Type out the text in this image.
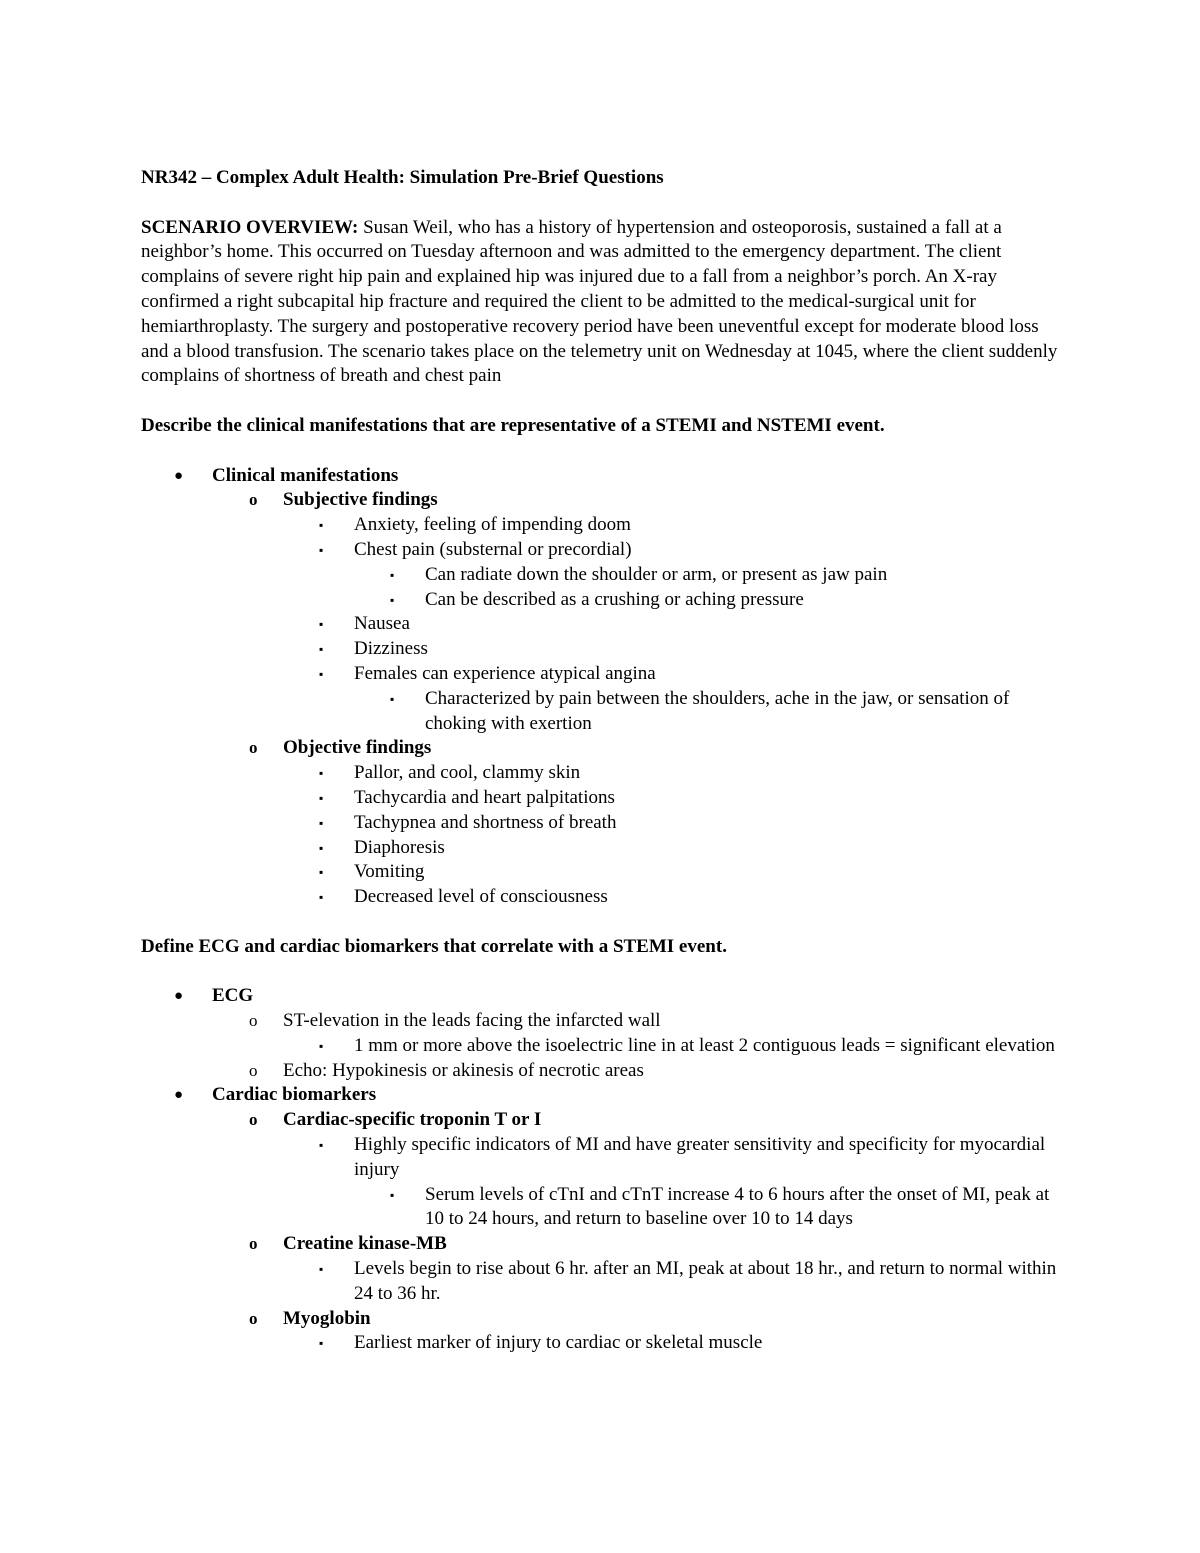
NR342 – Complex Adult Health: Simulation Pre-Brief Questions

SCENARIO OVERVIEW: Susan Weil, who has a history of hypertension and osteoporosis, sustained a fall at a neighbor’s home. This occurred on Tuesday afternoon and was admitted to the emergency department. The client complains of severe right hip pain and explained hip was injured due to a fall from a neighbor’s porch. An X-ray confirmed a right subcapital hip fracture and required the client to be admitted to the medical-surgical unit for hemiarthroplasty. The surgery and postoperative recovery period have been uneventful except for moderate blood loss and a blood transfusion. The scenario takes place on the telemetry unit on Wednesday at 1045, where the client suddenly complains of shortness of breath and chest pain

Describe the clinical manifestations that are representative of a STEMI and NSTEMI event.

● Clinical manifestations
o Subjective findings
▪ Anxiety, feeling of impending doom
▪ Chest pain (substernal or precordial)
▪ Can radiate down the shoulder or arm, or present as jaw pain
▪ Can be described as a crushing or aching pressure
▪ Nausea
▪ Dizziness
▪ Females can experience atypical angina
▪ Characterized by pain between the shoulders, ache in the jaw, or sensation of choking with exertion
o Objective findings
▪ Pallor, and cool, clammy skin
▪ Tachycardia and heart palpitations
▪ Tachypnea and shortness of breath
▪ Diaphoresis
▪ Vomiting
▪ Decreased level of consciousness

Define ECG and cardiac biomarkers that correlate with a STEMI event.

● ECG
o ST-elevation in the leads facing the infarcted wall
▪ 1 mm or more above the isoelectric line in at least 2 contiguous leads = significant elevation
o Echo: Hypokinesis or akinesis of necrotic areas
● Cardiac biomarkers
o Cardiac-specific troponin T or I
▪ Highly specific indicators of MI and have greater sensitivity and specificity for myocardial injury
▪ Serum levels of cTnI and cTnT increase 4 to 6 hours after the onset of MI, peak at 10 to 24 hours, and return to baseline over 10 to 14 days
o Creatine kinase-MB
▪ Levels begin to rise about 6 hr. after an MI, peak at about 18 hr., and return to normal within 24 to 36 hr.
o Myoglobin
▪ Earliest marker of injury to cardiac or skeletal muscle
